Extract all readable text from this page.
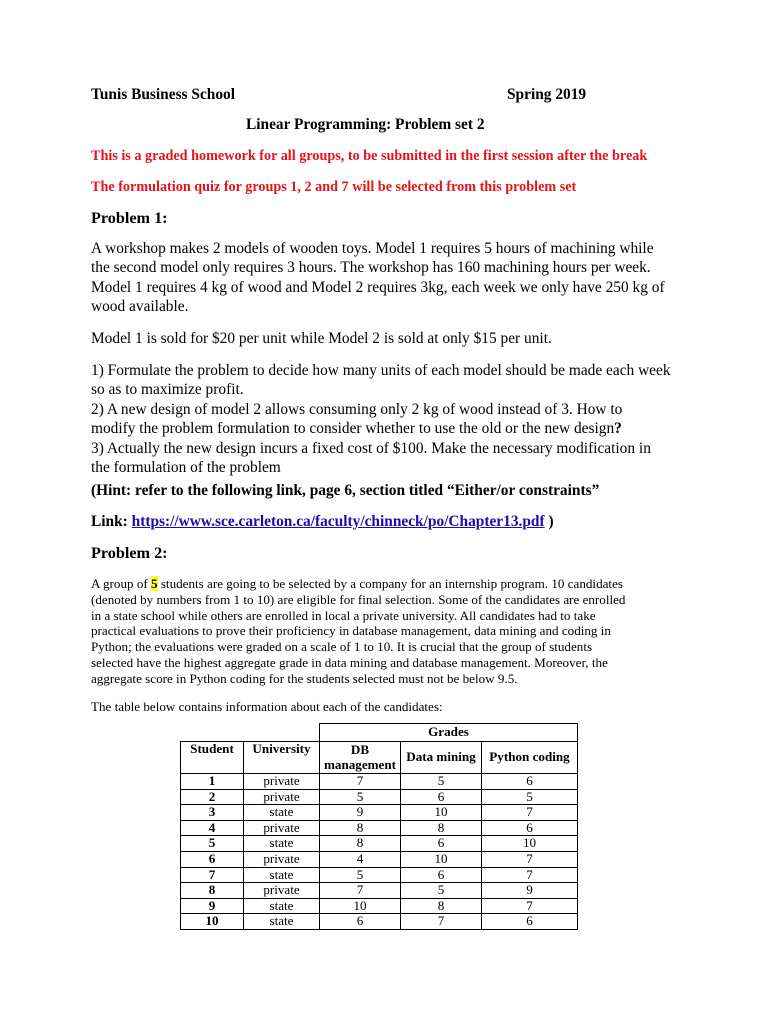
Tunis Business School	Spring 2019
Linear Programming: Problem set 2
This is a graded homework for all groups, to be submitted in the first session after the break
The formulation quiz for groups 1, 2 and 7 will be selected from this problem set
Problem 1:
A workshop makes 2 models of wooden toys. Model 1 requires 5 hours of machining while
the second model only requires 3 hours. The workshop has 160 machining hours per week.
Model 1 requires 4 kg of wood and Model 2 requires 3kg, each week we only have 250 kg of
wood available.
Model 1 is sold for $20 per unit while Model 2 is sold at only $15 per unit.
1) Formulate the problem to decide how many units of each model should be made each week
so as to maximize profit.
2) A new design of model 2 allows consuming only 2 kg of wood instead of 3. How to
modify the problem formulation to consider whether to use the old or the new design?
3) Actually the new design incurs a fixed cost of $100. Make the necessary modification in
the formulation of the problem
(Hint: refer to the following link, page 6, section titled “Either/or constraints”
Link: https://www.sce.carleton.ca/faculty/chinneck/po/Chapter13.pdf )
Problem 2:
A group of 5 students are going to be selected by a company for an internship program. 10 candidates
(denoted by numbers from 1 to 10) are eligible for final selection. Some of the candidates are enrolled
in a state school while others are enrolled in local a private university. All candidates had to take
practical evaluations to prove their proficiency in database management, data mining and coding in
Python; the evaluations were graded on a scale of 1 to 10. It is crucial that the group of students
selected have the highest aggregate grade in data mining and database management. Moreover, the
aggregate score in Python coding for the students selected must not be below 9.5.
The table below contains information about each of the candidates:
		Grades		
Student	University	DB management	Data mining	Python coding
1	private	7	5	6
2	private	5	6	5
3	state	9	10	7
4	private	8	8	6
5	state	8	6	10
6	private	4	10	7
7	state	5	6	7
8	private	7	5	9
9	state	10	8	7
10	state	6	7	6
